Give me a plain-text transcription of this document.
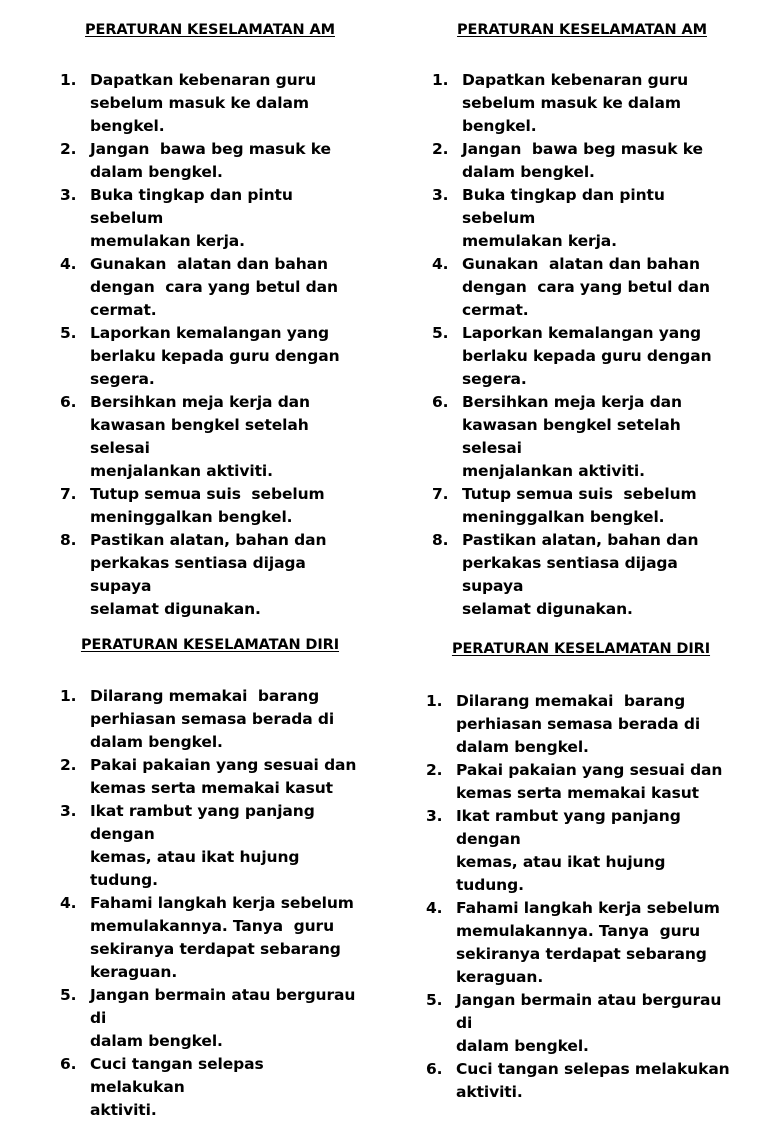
PERATURAN KESELAMATAN AM
1. Dapatkan kebenaran guru
sebelum masuk ke dalam
bengkel.
2. Jangan  bawa beg masuk ke
dalam bengkel.
3. Buka tingkap dan pintu sebelum
memulakan kerja.
4. Gunakan  alatan dan bahan
dengan  cara yang betul dan
cermat.
5. Laporkan kemalangan yang
berlaku kepada guru dengan
segera.
6. Bersihkan meja kerja dan
kawasan bengkel setelah selesai
menjalankan aktiviti.
7. Tutup semua suis  sebelum
meninggalkan bengkel.
8. Pastikan alatan, bahan dan
perkakas sentiasa dijaga supaya
selamat digunakan.
PERATURAN KESELAMATAN AM
1. Dapatkan kebenaran guru
sebelum masuk ke dalam
bengkel.
2. Jangan  bawa beg masuk ke
dalam bengkel.
3. Buka tingkap dan pintu sebelum
memulakan kerja.
4. Gunakan  alatan dan bahan
dengan  cara yang betul dan
cermat.
5. Laporkan kemalangan yang
berlaku kepada guru dengan
segera.
6. Bersihkan meja kerja dan
kawasan bengkel setelah selesai
menjalankan aktiviti.
7. Tutup semua suis  sebelum
meninggalkan bengkel.
8. Pastikan alatan, bahan dan
perkakas sentiasa dijaga supaya
selamat digunakan.
PERATURAN KESELAMATAN DIRI
1. Dilarang memakai  barang
perhiasan semasa berada di
dalam bengkel.
2. Pakai pakaian yang sesuai dan
kemas serta memakai kasut
3. Ikat rambut yang panjang dengan
kemas, atau ikat hujung tudung.
4. Fahami langkah kerja sebelum
memulakannya. Tanya  guru
sekiranya terdapat sebarang
keraguan.
5. Jangan bermain atau bergurau di
dalam bengkel.
6. Cuci tangan selepas melakukan
aktiviti.
PERATURAN KESELAMATAN DIRI
1. Dilarang memakai  barang
perhiasan semasa berada di
dalam bengkel.
2. Pakai pakaian yang sesuai dan
kemas serta memakai kasut
3. Ikat rambut yang panjang dengan
kemas, atau ikat hujung tudung.
4. Fahami langkah kerja sebelum
memulakannya. Tanya  guru
sekiranya terdapat sebarang
keraguan.
5. Jangan bermain atau bergurau di
dalam bengkel.
6. Cuci tangan selepas melakukan
aktiviti.
